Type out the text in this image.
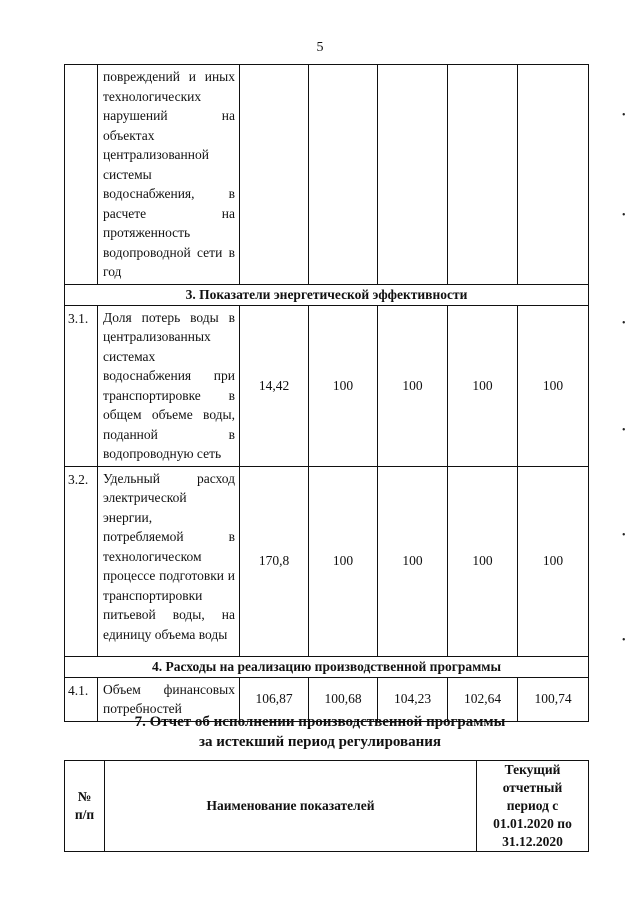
5
	повреждений и иных технологических нарушений на объектах централизованной системы водоснабжения, в расчете на протяженность водопроводной сети в год					
3. Показатели энергетической эффективности						
3.1.	Доля потерь воды в централизованных системах водоснабжения при транспортировке в общем объеме воды, поданной в водопроводную сеть	14,42	100	100	100	100
3.2.	Удельный расход электрической энергии, потребляемой в технологическом процессе подготовки и транспортировки питьевой воды, на единицу объема воды	170,8	100	100	100	100
4. Расходы на реализацию производственной программы						
4.1.	Объем финансовых потребностей	106,87	100,68	104,23	102,64	100,74
7. Отчет об исполнении производственной программы
за истекший период регулирования
№ п/п	Наименование показателей	Текущий отчетный период с 01.01.2020 по 31.12.2020
•
•
•
•
•
•
